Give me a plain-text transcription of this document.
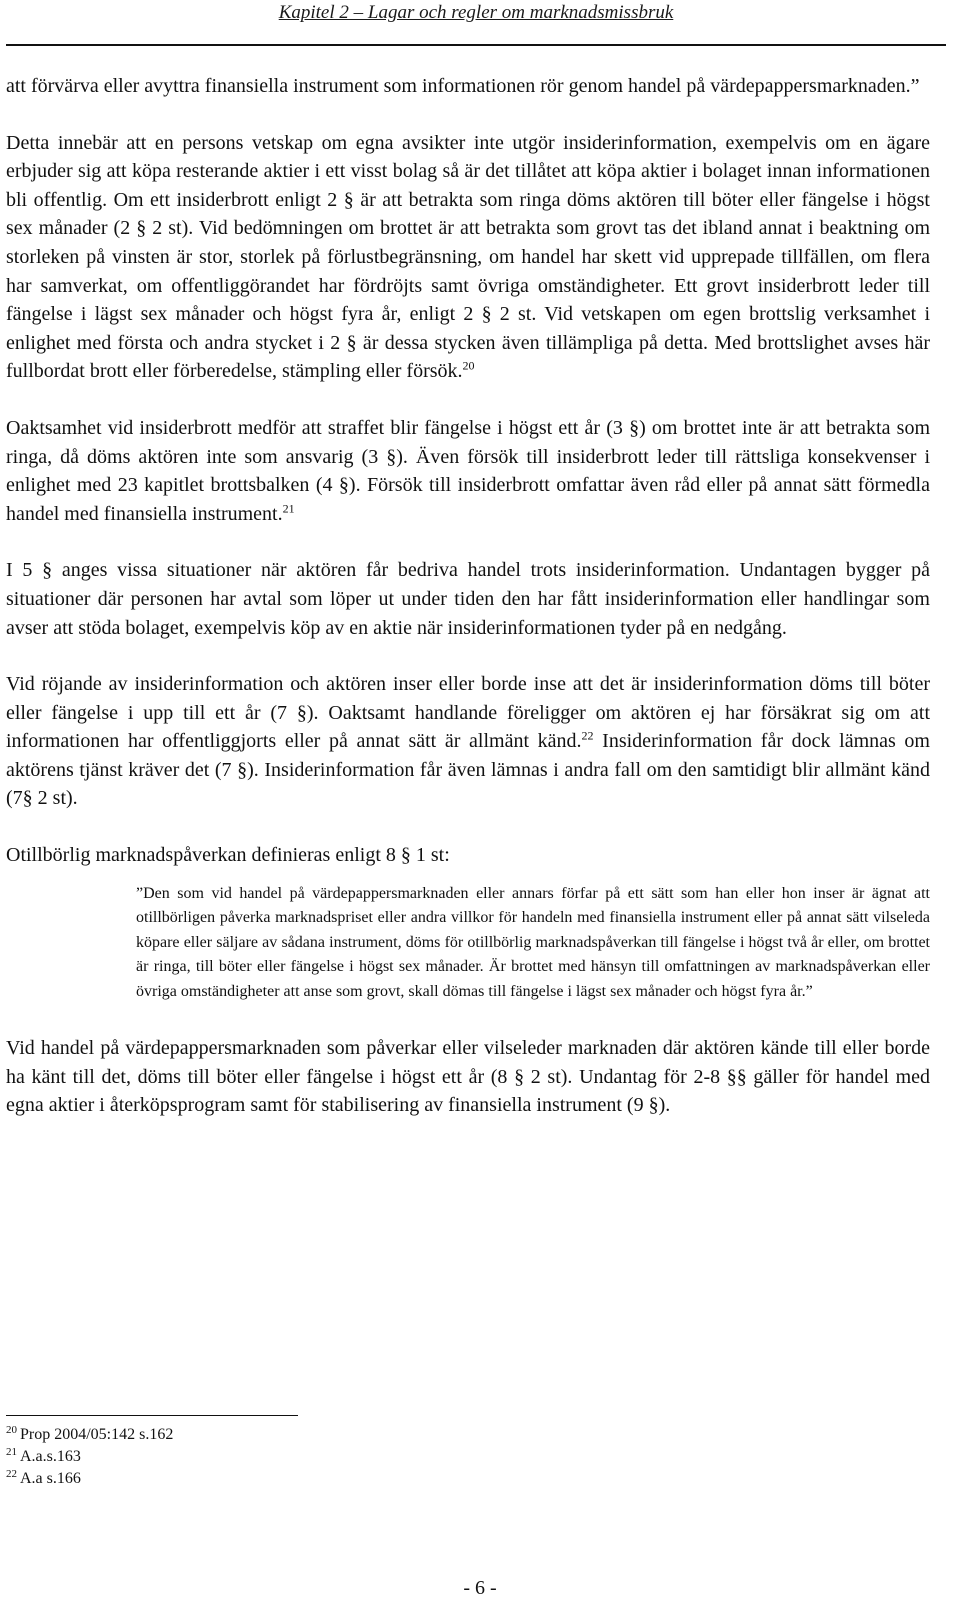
Kapitel 2 – Lagar och regler om marknadsmissbruk

att förvärva eller avyttra finansiella instrument som informationen rör genom handel på värdepappersmarknaden.”

Detta innebär att en persons vetskap om egna avsikter inte utgör insiderinformation, exempelvis om en ägare erbjuder sig att köpa resterande aktier i ett visst bolag så är det tillåtet att köpa aktier i bolaget innan informationen bli offentlig. Om ett insiderbrott enligt 2 § är att betrakta som ringa döms aktören till böter eller fängelse i högst sex månader (2 § 2 st). Vid bedömningen om brottet är att betrakta som grovt tas det ibland annat i beaktning om storleken på vinsten är stor, storlek på förlustbegränsning, om handel har skett vid upprepade tillfällen, om flera har samverkat, om offentliggörandet har fördröjts samt övriga omständigheter. Ett grovt insiderbrott leder till fängelse i lägst sex månader och högst fyra år, enligt 2 § 2 st. Vid vetskapen om egen brottslig verksamhet i enlighet med första och andra stycket i 2 § är dessa stycken även tillämpliga på detta. Med brottslighet avses här fullbordat brott eller förberedelse, stämpling eller försök.$^{20}$

Oaktsamhet vid insiderbrott medför att straffet blir fängelse i högst ett år (3 §) om brottet inte är att betrakta som ringa, då döms aktören inte som ansvarig (3 §). Även försök till insiderbrott leder till rättsliga konsekvenser i enlighet med 23 kapitlet brottsbalken (4 §). Försök till insiderbrott omfattar även råd eller på annat sätt förmedla handel med finansiella instrument.$^{21}$

I 5 § anges vissa situationer när aktören får bedriva handel trots insiderinformation. Undantagen bygger på situationer där personen har avtal som löper ut under tiden den har fått insiderinformation eller handlingar som avser att stöda bolaget, exempelvis köp av en aktie när insiderinformationen tyder på en nedgång.

Vid röjande av insiderinformation och aktören inser eller borde inse att det är insiderinformation döms till böter eller fängelse i upp till ett år (7 §). Oaktsamt handlande föreligger om aktören ej har försäkrat sig om att informationen har offentliggjorts eller på annat sätt är allmänt känd.$^{22}$ Insiderinformation får dock lämnas om aktörens tjänst kräver det (7 §). Insiderinformation får även lämnas i andra fall om den samtidigt blir allmänt känd (7§ 2 st).

Otillbörlig marknadspåverkan definieras enligt 8 § 1 st:

”Den som vid handel på värdepappersmarknaden eller annars förfar på ett sätt som han eller hon inser är ägnat att otillbörligen påverka marknadspriset eller andra villkor för handeln med finansiella instrument eller på annat sätt vilseleda köpare eller säljare av sådana instrument, döms för otillbörlig marknadspåverkan till fängelse i högst två år eller, om brottet är ringa, till böter eller fängelse i högst sex månader. Är brottet med hänsyn till omfattningen av marknadspåverkan eller övriga omständigheter att anse som grovt, skall dömas till fängelse i lägst sex månader och högst fyra år.”

Vid handel på värdepappersmarknaden som påverkar eller vilseleder marknaden där aktören kände till eller borde ha känt till det, döms till böter eller fängelse i högst ett år (8 § 2 st). Undantag för 2-8 §§ gäller för handel med egna aktier i återköpsprogram samt för stabilisering av finansiella instrument (9 §).

$^{20}$ Prop 2004/05:142 s.162
$^{21}$ A.a.s.163
$^{22}$ A.a s.166
- 6 -
